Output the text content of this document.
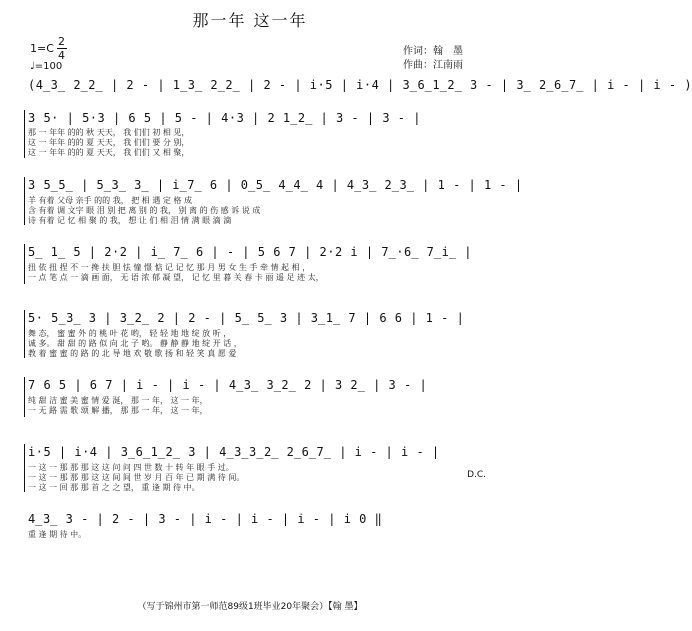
那一年 这一年
1=C
2
4
♩=100
作词：翰　墨
作曲：江南雨
(4̲3̲ 2̲2̲ | 2 - | 1̲3̲ 2̲2̲ | 2 - | i·5 | i·4 | 3̲6̲1̲2̲ 3 - | 3̲ 2̲6̲7̲ | i - | i - )
3 5· | 5·3 | 6 5 | 5 - | 4·3 | 2 1̲2̲ | 3 - | 3 - |
那 一 年年 的的 秋 天天， 我 们们 初 相 见，
这 一 年年 的的 夏 天天， 我 们们 要 分 别，
这 一 年年 的的 夏 天天， 我 们们 又 相 聚，
3 5̲5̲ | 5̲3̲ 3̲ | i̲7̲ 6 | 0̲5̲ 4̲4̲ 4 | 4̲3̲ 2̲3̲ | 1 - | 1 - |
羊 有着 父母 亲手 的的 我， 把 相 遇 定 格 成
含 有着 调 文字 眼 泪 别 把 离 别 的 我， 别 离 的 伤 感 诉 说 成
诗 有着 记 忆 相 聚 的 我， 想 让 们 相 泪 情 满 眼 滴 滴
5̲ 1̲ 5 | 2·2 | i̲ 7̲ 6 | - | 5 6 7 | 2·2 i | 7̲·6̲ 7̲i̲ |
扭 依 扭 捏 不 一 搀 扶 胆 怯 憧 憬 惦 记 记 忆 那 月 男 女 生 手 牵 情 起 相 ，
一 点 笔 点 一 滴 画 面， 无 语 浓 郁 凝 望， 记 忆 里 暮 关 春 卡 丽 遥 足 迹 太，
5· 5̲3̲ 3 | 3̲2̲ 2 | 2 - | 5̲ 5̲ 3 | 3̲1̲ 7 | 6 6 | 1 - |
舞 态， 蜜 蜜 外 的 桃 叶 花 哟， 轻 轻 地 地 绽 放 听 ，
诚 多。 甜 甜 的 路 似 向 北 子 哟。 静 静 静 地 绽 开 话 ，
教 着 蜜 蜜 的 路 的 北 导 地 欢 敬 歌 扬 和 轻 笑 真 愿 爱
7 6 5 | 6 7 | i - | i - | 4̲3̲ 3̲2̲ 2 | 3 2̲ | 3 - |
纯 甜 洁 蜜 美 蜜 情 爱 涎， 那 一 年， 这 一 年，
一 无 路 需 歌 颂 解 播， 那 那 一 年， 这 一 年，
i·5 | i·4 | 3̲6̲1̲2̲ 3 | 4̲3̲3̲2̲ 2̲6̲7̲ | i - | i - |
一 这 一 那 那 那 这 这 问 问 四 世 数 十 转 年 眼 手 过。
一 这 一 那 那 那 这 这 间 间 世 岁 月 百 年 已 期 满 待 间。
一 这 一 回 那 那 首 之 之 望， 重 逢 期 待 中。
D.C.
4̲3̲ 3 - | 2 - | 3 - | i - | i - | i - | i 0 ‖
重 逢 期 待 中。
（写于锦州市第一师范89级1班毕业20年聚会）【翰 墨】
